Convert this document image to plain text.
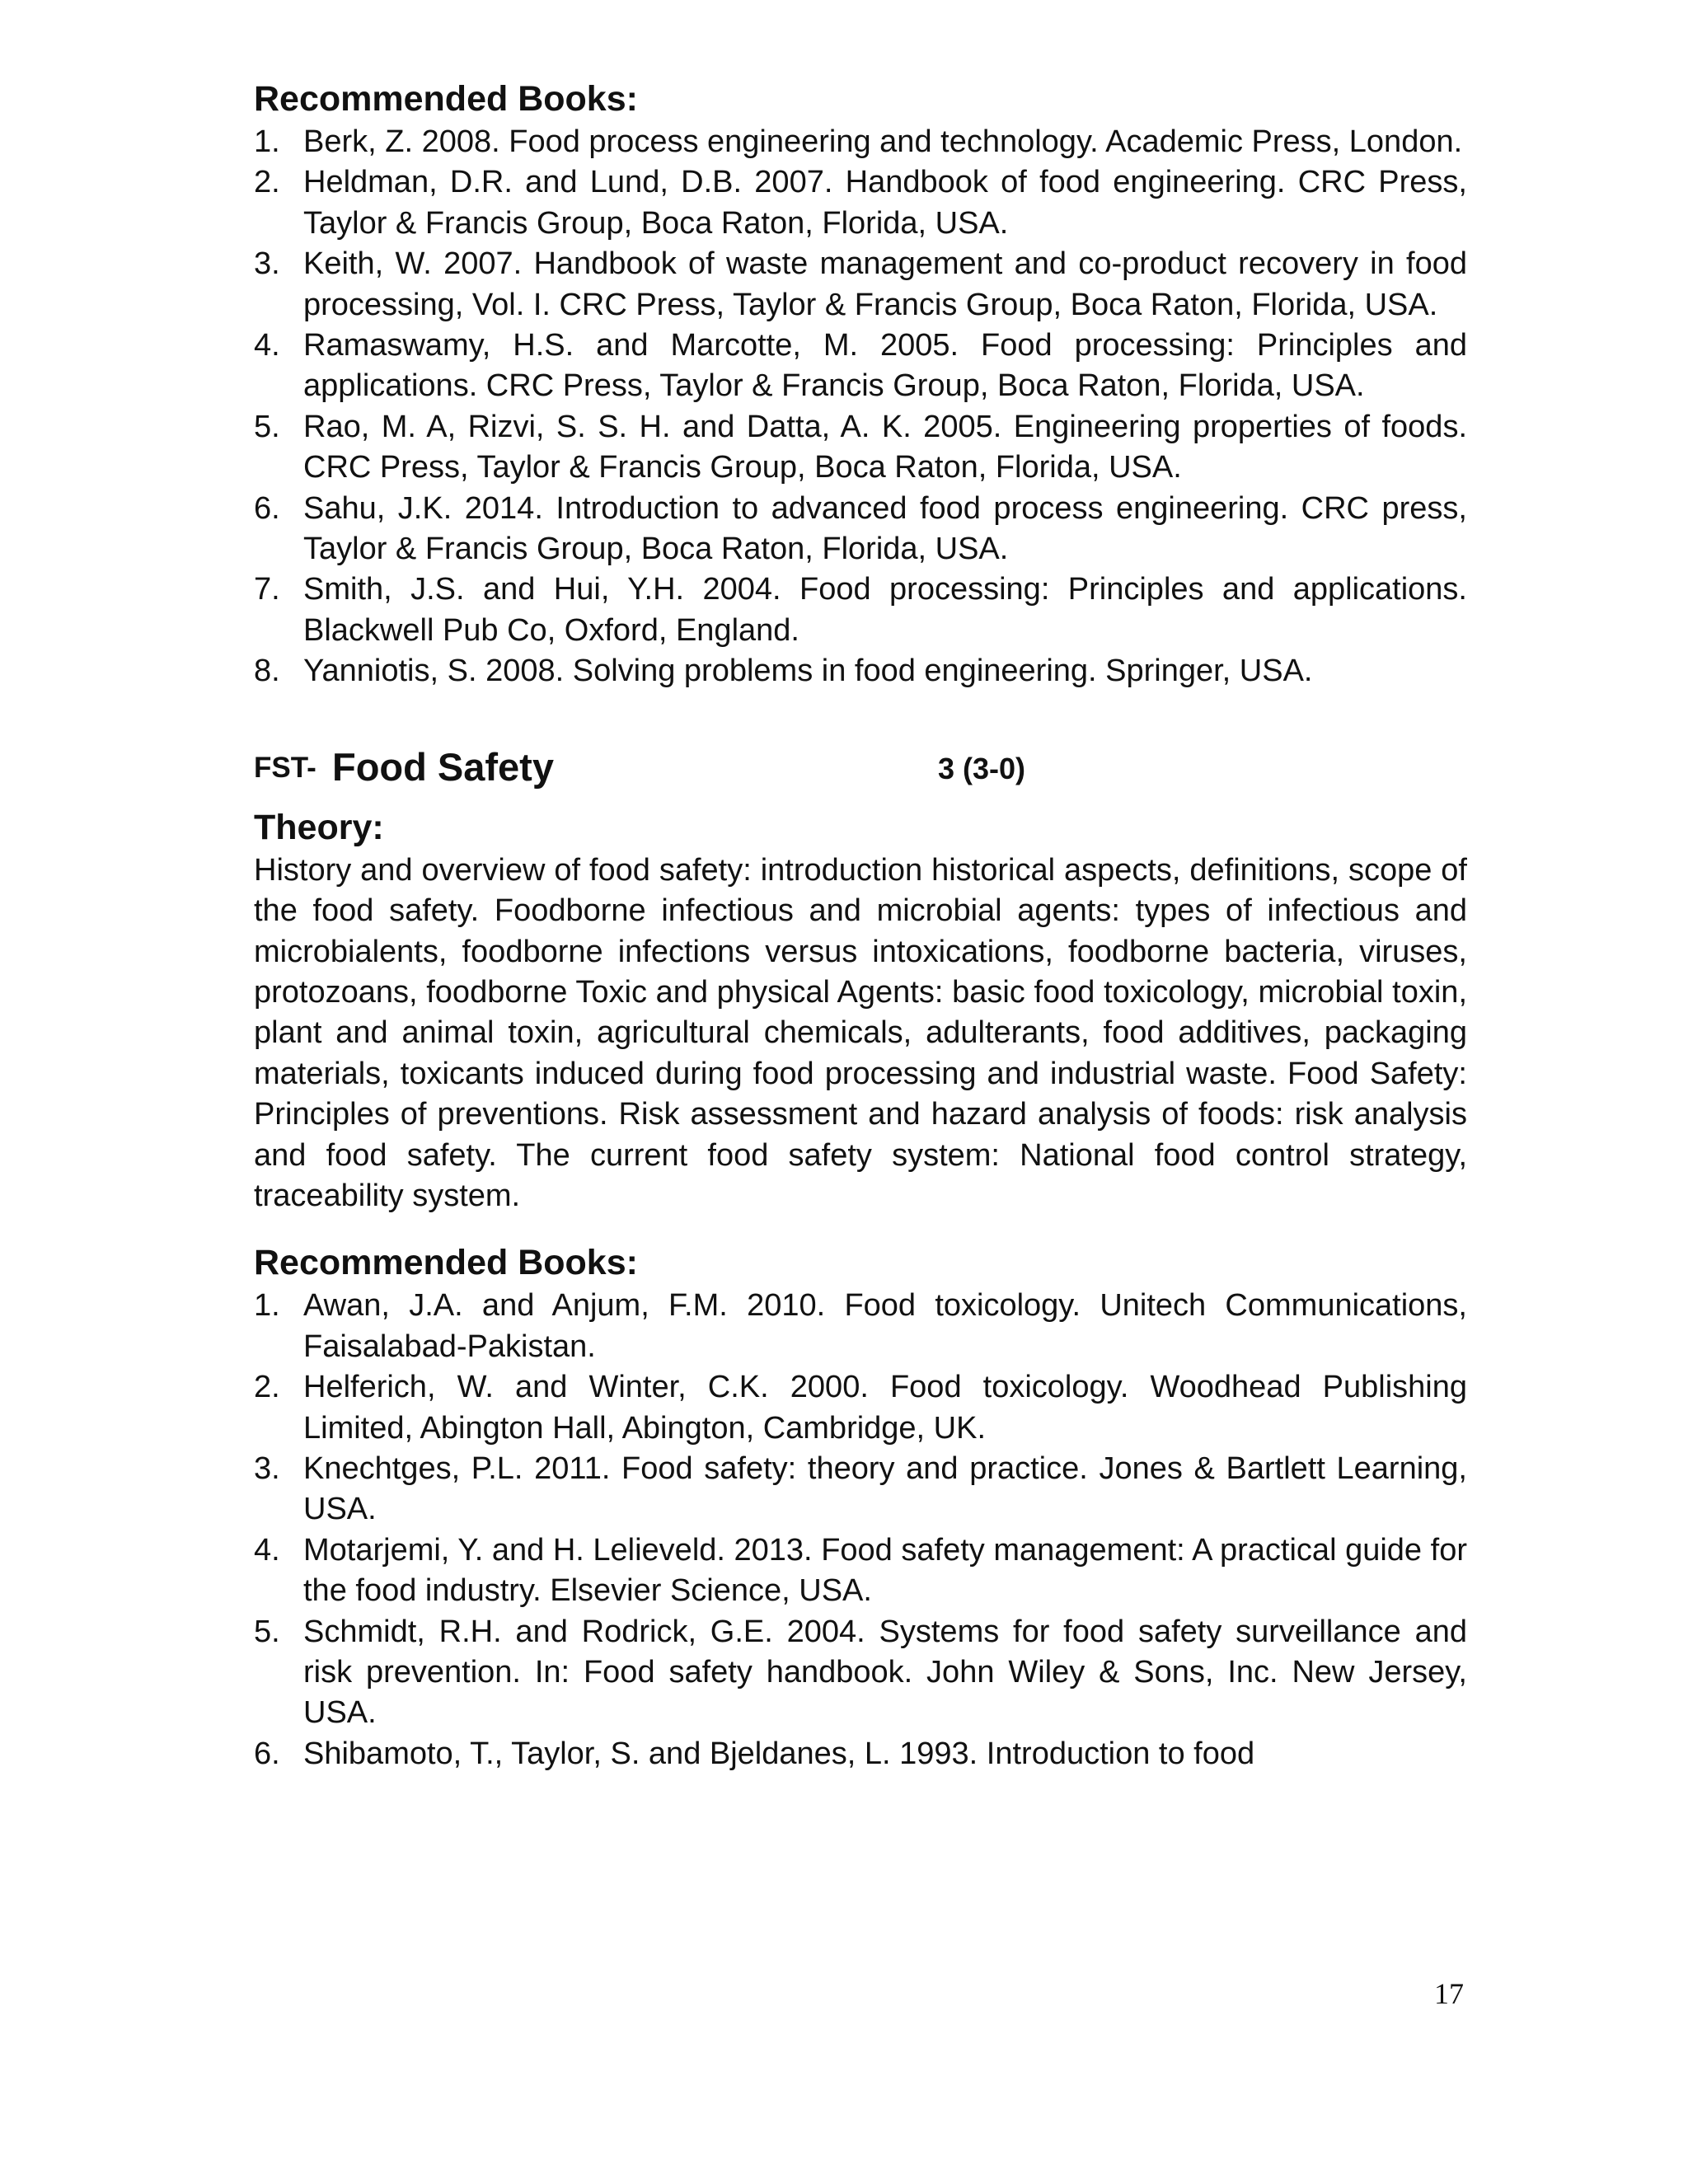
Recommended Books:
1. Berk, Z. 2008. Food process engineering and technology. Academic Press, London.
2. Heldman, D.R. and Lund, D.B. 2007. Handbook of food engineering. CRC Press, Taylor & Francis Group, Boca Raton, Florida, USA.
3. Keith, W. 2007. Handbook of waste management and co-product recovery in food processing, Vol. I. CRC Press, Taylor & Francis Group, Boca Raton, Florida, USA.
4. Ramaswamy, H.S. and Marcotte, M. 2005. Food processing: Principles and applications. CRC Press, Taylor & Francis Group, Boca Raton, Florida, USA.
5. Rao, M. A, Rizvi, S. S. H. and Datta, A. K. 2005. Engineering properties of foods. CRC Press, Taylor & Francis Group, Boca Raton, Florida, USA.
6. Sahu, J.K. 2014. Introduction to advanced food process engineering. CRC press, Taylor & Francis Group, Boca Raton, Florida, USA.
7. Smith, J.S. and Hui, Y.H. 2004. Food processing: Principles and applications. Blackwell Pub Co, Oxford, England.
8. Yanniotis, S. 2008. Solving problems in food engineering. Springer, USA.
FST- Food Safety	3 (3-0)
Theory:

History and overview of food safety: introduction historical aspects, definitions, scope of the food safety. Foodborne infectious and microbial agents: types of infectious and microbialents, foodborne infections versus intoxications, foodborne bacteria, viruses, protozoans, foodborne Toxic and physical Agents: basic food toxicology, microbial toxin, plant and animal toxin, agricultural chemicals, adulterants, food additives, packaging materials, toxicants induced during food processing and industrial waste. Food Safety: Principles of preventions. Risk assessment and hazard analysis of foods: risk analysis and food safety. The current food safety system: National food control strategy, traceability system.

Recommended Books:
1. Awan, J.A. and Anjum, F.M. 2010. Food toxicology. Unitech Communications, Faisalabad-Pakistan.
2. Helferich, W. and Winter, C.K. 2000. Food toxicology. Woodhead Publishing Limited, Abington Hall, Abington, Cambridge, UK.
3. Knechtges, P.L. 2011. Food safety: theory and practice. Jones & Bartlett Learning, USA.
4. Motarjemi, Y. and H. Lelieveld. 2013. Food safety management: A practical guide for the food industry. Elsevier Science, USA.
5. Schmidt, R.H. and Rodrick, G.E. 2004. Systems for food safety surveillance and risk prevention. In: Food safety handbook. John Wiley & Sons, Inc. New Jersey, USA.
6. Shibamoto, T., Taylor, S. and Bjeldanes, L. 1993. Introduction to food
17
